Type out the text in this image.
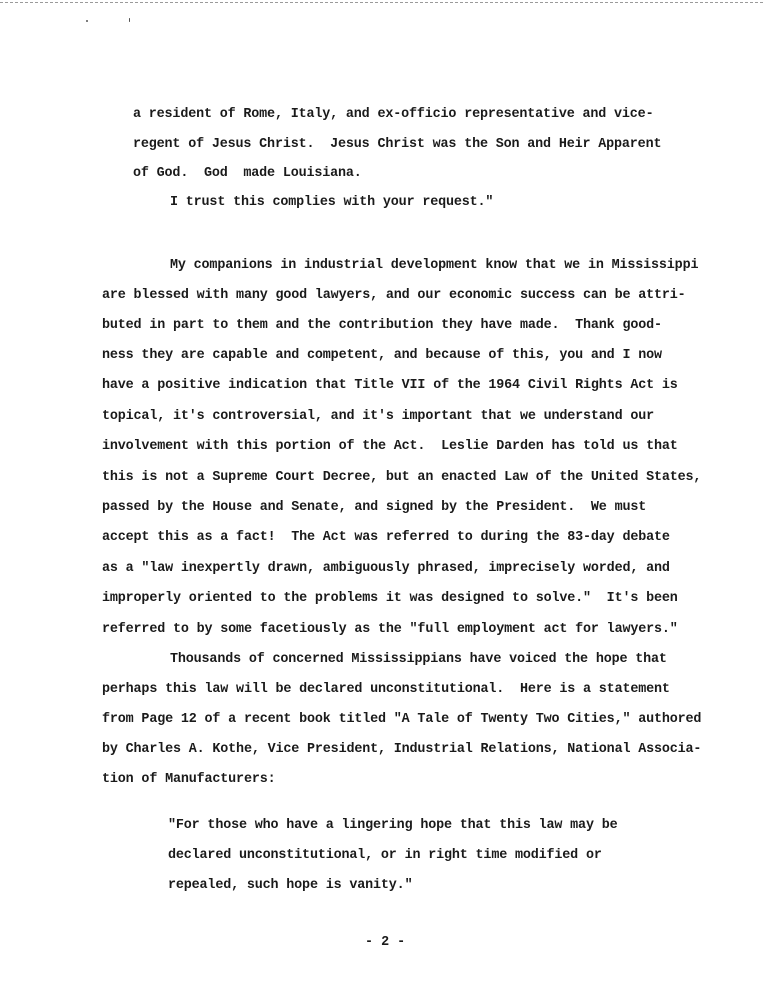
a resident of Rome, Italy, and ex-officio representative and vice-
regent of Jesus Christ.  Jesus Christ was the Son and Heir Apparent
of God.  God  made Louisiana.
I trust this complies with your request."
My companions in industrial development know that we in Mississippi
are blessed with many good lawyers, and our economic success can be attri-
buted in part to them and the contribution they have made.  Thank good-
ness they are capable and competent, and because of this, you and I now
have a positive indication that Title VII of the 1964 Civil Rights Act is
topical, it's controversial, and it's important that we understand our
involvement with this portion of the Act.  Leslie Darden has told us that
this is not a Supreme Court Decree, but an enacted Law of the United States,
passed by the House and Senate, and signed by the President.  We must
accept this as a fact!  The Act was referred to during the 83-day debate
as a "law inexpertly drawn, ambiguously phrased, imprecisely worded, and
improperly oriented to the problems it was designed to solve."  It's been
referred to by some facetiously as the "full employment act for lawyers."
Thousands of concerned Mississippians have voiced the hope that
perhaps this law will be declared unconstitutional.  Here is a statement
from Page 12 of a recent book titled "A Tale of Twenty Two Cities," authored
by Charles A. Kothe, Vice President, Industrial Relations, National Associa-
tion of Manufacturers:
"For those who have a lingering hope that this law may be
declared unconstitutional, or in right time modified or
repealed, such hope is vanity."
- 2 -
